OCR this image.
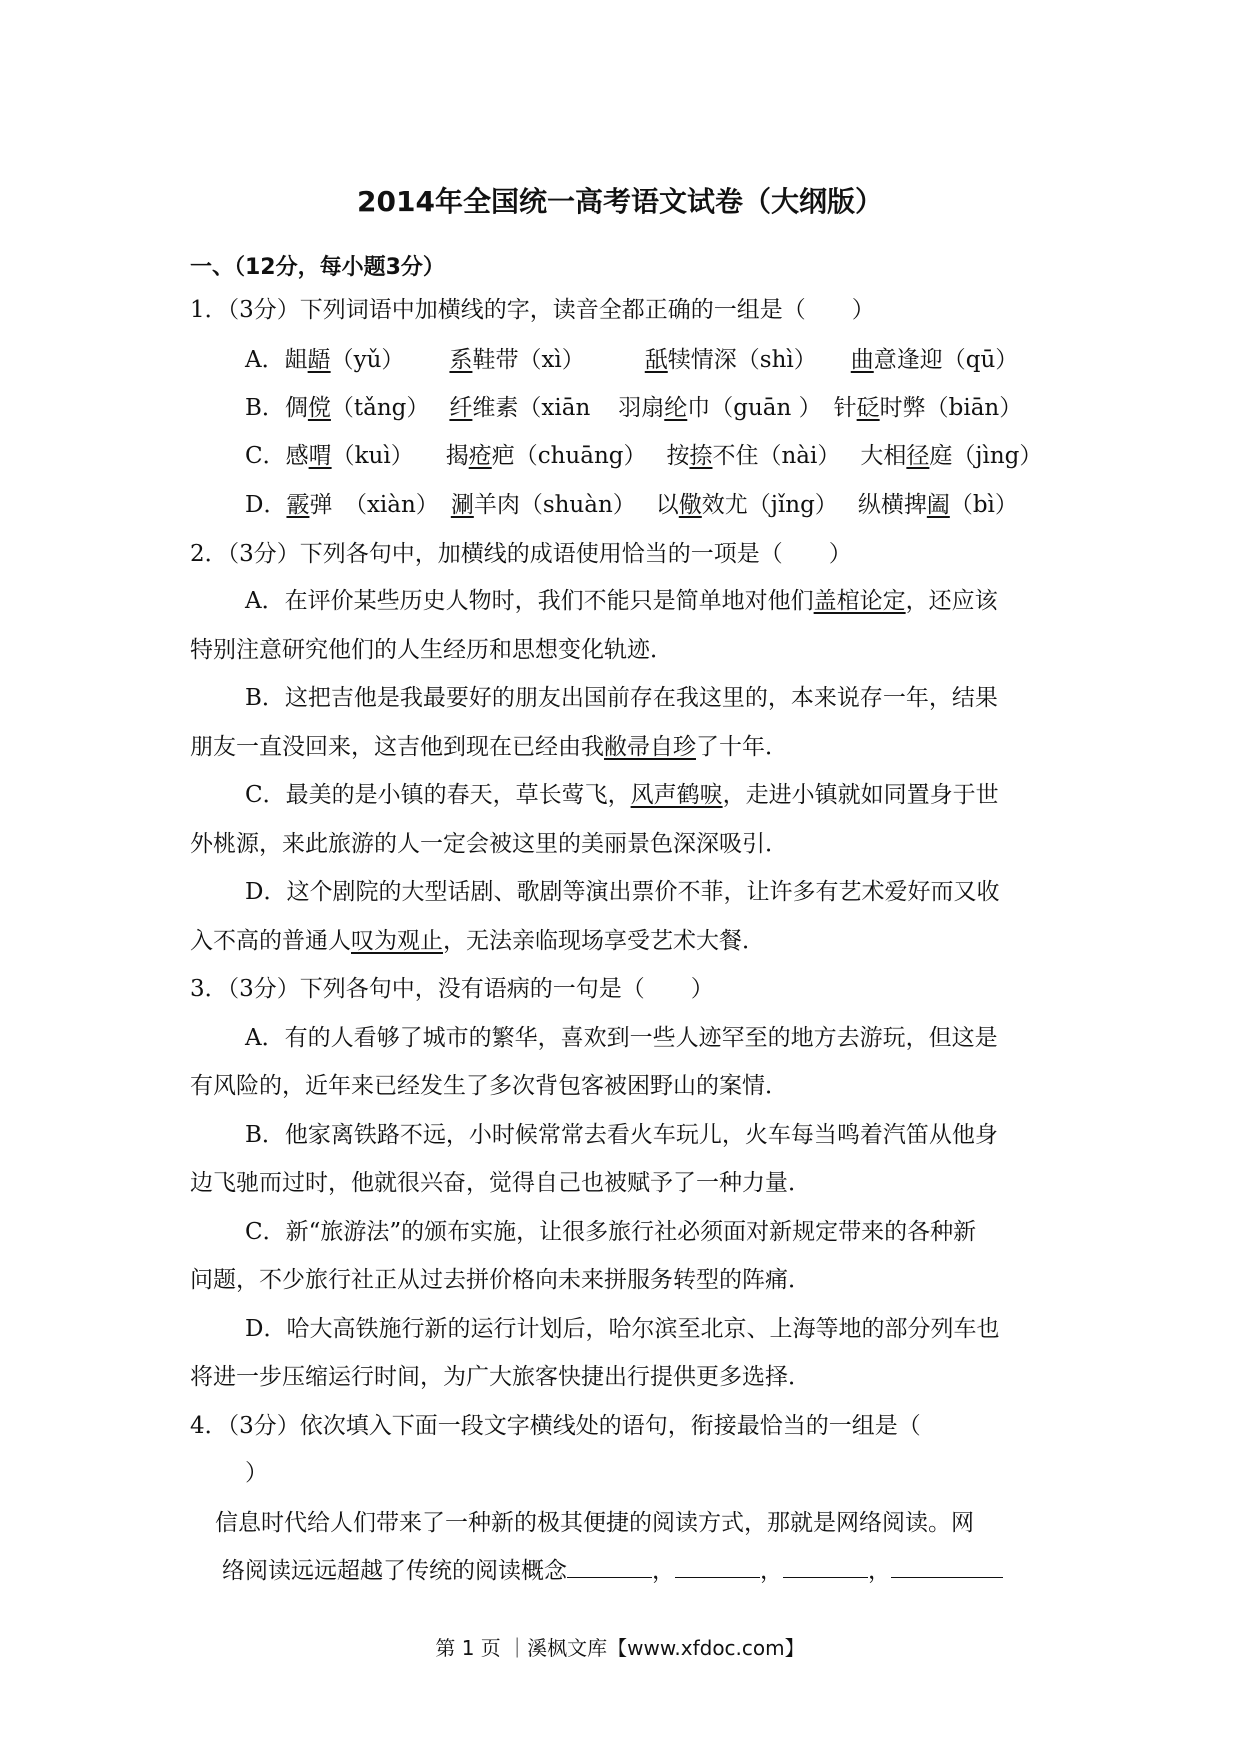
2014年全国统一高考语文试卷（大纲版）
一、（12分，每小题3分）
1．（3分）下列词语中加横线的字，读音全都正确的一组是（　　）
A．龃龉（yǔ） 系鞋带（xì）	舐犊情深（shì） 曲意逢迎（qū）
B．倜傥（tǎng） 纤维素（xiān 羽扇纶巾（guān ） 针砭时弊（biān）
C．感喟（kuì） 揭疮疤（chuāng） 按捺不住（nài） 大相径庭（jìng）
D．霰弹　（xiàn） 涮羊肉（shuàn） 以儆效尤（jǐng） 纵横捭阖（bì）
2．（3分）下列各句中，加横线的成语使用恰当的一项是（　　）
A．在评价某些历史人物时，我们不能只是简单地对他们盖棺论定，还应该
特别注意研究他们的人生经历和思想变化轨迹．
B．这把吉他是我最要好的朋友出国前存在我这里的，本来说存一年，结果
朋友一直没回来，这吉他到现在已经由我敝帚自珍了十年．
C．最美的是小镇的春天，草长莺飞，风声鹤唳，走进小镇就如同置身于世
外桃源，来此旅游的人一定会被这里的美丽景色深深吸引．
D．这个剧院的大型话剧、歌剧等演出票价不菲，让许多有艺术爱好而又收
入不高的普通人叹为观止，无法亲临现场享受艺术大餐．
3．（3分）下列各句中，没有语病的一句是（　　）
A．有的人看够了城市的繁华，喜欢到一些人迹罕至的地方去游玩，但这是
有风险的，近年来已经发生了多次背包客被困野山的案情．
B．他家离铁路不远，小时候常常去看火车玩儿，火车每当鸣着汽笛从他身
边飞驰而过时，他就很兴奋，觉得自己也被赋予了一种力量．
C．新“旅游法”的颁布实施，让很多旅行社必须面对新规定带来的各种新
问题，不少旅行社正从过去拼价格向未来拼服务转型的阵痛．
D．哈大高铁施行新的运行计划后，哈尔滨至北京、上海等地的部分列车也
将进一步压缩运行时间，为广大旅客快捷出行提供更多选择．
4．（3分）依次填入下面一段文字横线处的语句，衔接最恰当的一组是（
）
信息时代给人们带来了一种新的极其便捷的阅读方式，那就是网络阅读。网
络阅读远远超越了传统的阅读概念	，	，	，
第 1 页 ｜溪枫文库【www.xfdoc.com】
